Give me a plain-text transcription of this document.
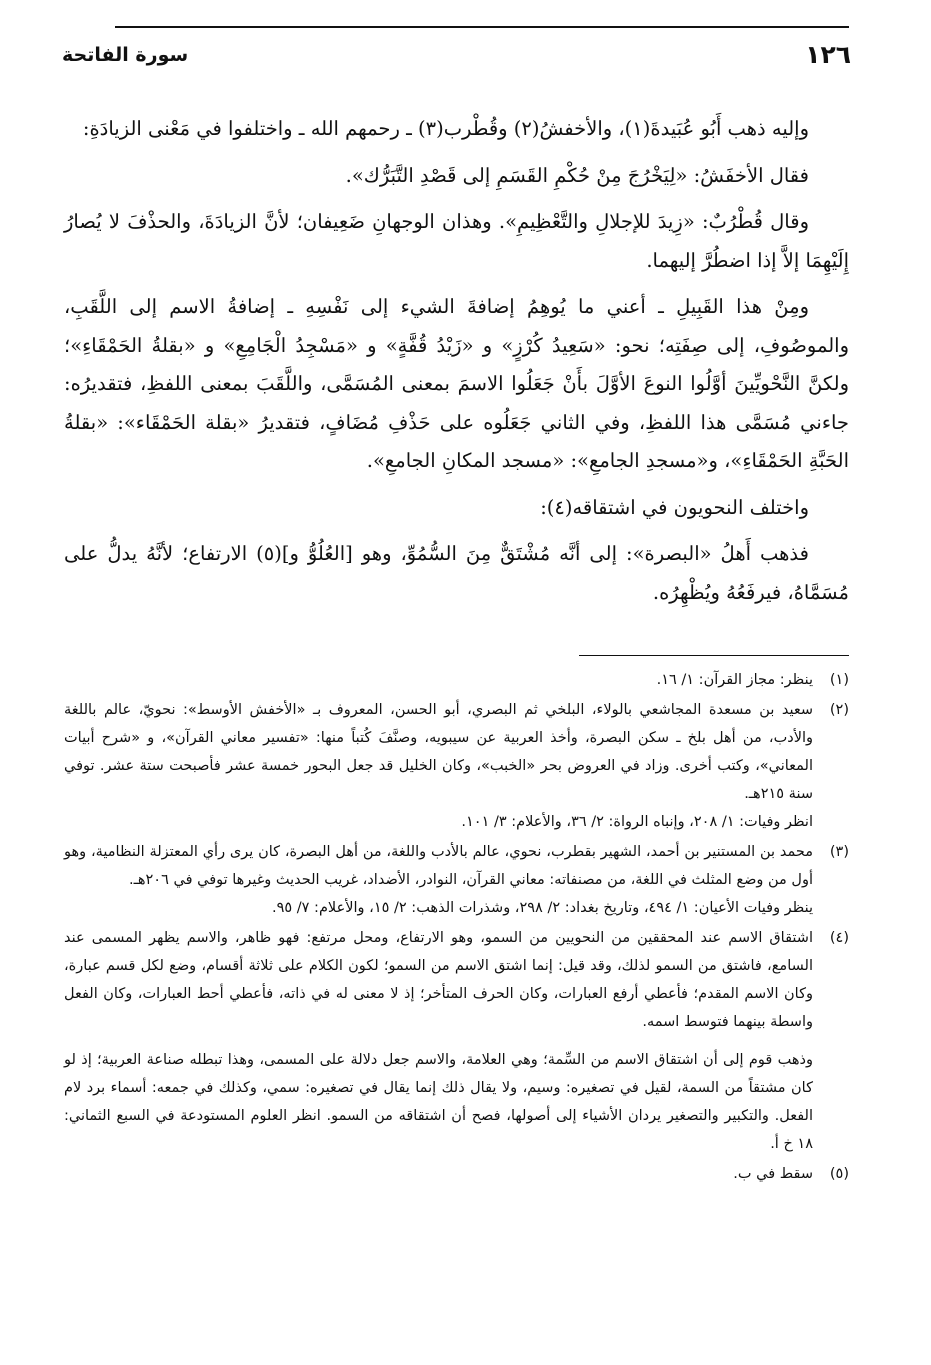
١٢٦
سورة الفاتحة

وإليه ذهب أَبُو عُبَيدةَ(١)، والأخفشُ(٢) وقُطْرب(٣) ـ رحمهم الله ـ واختلفوا في مَعْنى الزيادَةِ:

فقال الأخفَشُ: «لِيَخْرُجَ مِنْ حُكْمِ القَسَمِ إلى قَصْدِ التَّبَرُّك».

وقال قُطْرُبٌ: «زِيدَ للإجلالِ والتَّعْظِيمِ». وهذان الوجهانِ ضَعِيفان؛ لأنَّ الزيادَةَ، والحذْفَ لا يُصارُ إِلَيْهِمَا إلاَّ إذا اضطُرَّ إليهما.

ومِنْ هذا القَبِيلِ ـ أعني ما يُوهِمُ إضافةَ الشيء إلى نَفْسِهِ ـ إضافةُ الاسم إلى اللَّقَبِ، والموصُوفِ، إلى صِفَتِه؛ نحو: «سَعِيدُ كُرْزٍ» و «زَيْدُ قُفَّةٍ» و «مَسْجِدُ الْجَامِعِ» و «بقلةُ الحَمْقَاءِ»؛ ولكنَّ النَّحْويِّينَ أوَّلُوا النوعَ الأوَّلَ بأَنْ جَعَلُوا الاسمَ بمعنى المُسَمَّى، واللَّقَبَ بمعنى اللفظِ، فتقديرُه: جاءني مُسَمَّى هذا اللفظِ، وفي الثاني جَعَلُوه على حَذْفِ مُضَافٍ، فتقديرُ «بقلة الحَمْقَاء»: «بقلةُ الحَبَّةِ الحَمْقَاءِ»، و«مسجدِ الجامعِ»: «مسجد المكانِ الجامعِ».

واختلف النحويون في اشتقاقه(٤):

فذهب أَهلُ «البصرة»: إلى أنَّه مُشْتَقٌّ مِنَ السُّمُوِّ، وهو [العُلُوُّ و](٥) الارتفاع؛ لأنَّهُ يدلُّ على مُسَمَّاهُ، فيرفَعُهُ ويُظْهِرُه.

(١)
ينظر: مجاز القرآن: ١/ ١٦.
(٢)
سعيد بن مسعدة المجاشعي بالولاء، البلخي ثم البصري، أبو الحسن، المعروف بـ «الأخفش الأوسط»: نحويّ، عالم باللغة والأدب، من أهل بلخ ـ سكن البصرة، وأخذ العربية عن سيبويه، وصنَّفَ كُتباً منها: «تفسير معاني القرآن»، و «شرح أبيات المعاني»، وكتب أخرى. وزاد في العروض بحر «الخبب»، وكان الخليل قد جعل البحور خمسة عشر فأصبحت ستة عشر. توفي سنة ٢١٥هـ.
انظر وفيات: ١/ ٢٠٨، وإنباه الرواة: ٢/ ٣٦، والأعلام: ٣/ ١٠١.
(٣)
محمد بن المستنير بن أحمد، الشهير بقطرب، نحوي، عالم بالأدب واللغة، من أهل البصرة، كان يرى رأي المعتزلة النظامية، وهو أول من وضع المثلث في اللغة، من مصنفاته: معاني القرآن، النوادر، الأضداد، غريب الحديث وغيرها توفي في ٢٠٦هـ.
ينظر وفيات الأعيان: ١/ ٤٩٤، وتاريخ بغداد: ٢/ ٢٩٨، وشذرات الذهب: ٢/ ١٥، والأعلام: ٧/ ٩٥.
(٤)
اشتقاق الاسم عند المحققين من النحويين من السمو، وهو الارتفاع، ومحل مرتفع: فهو ظاهر، والاسم يظهر المسمى عند السامع، فاشتق من السمو لذلك، وقد قيل: إنما اشتق الاسم من السمو؛ لكون الكلام على ثلاثة أقسام، وضع لكل قسم عبارة، وكان الاسم المقدم؛ فأعطي أرفع العبارات، وكان الحرف المتأخر؛ إذ لا معنى له في ذاته، فأعطي أحط العبارات، وكان الفعل واسطة بينهما فتوسط اسمه.
وذهب قوم إلى أن اشتقاق الاسم من السِّمة؛ وهي العلامة، والاسم جعل دلالة على المسمى، وهذا تبطله صناعة العربية؛ إذ لو كان مشتقاً من السمة، لقيل في تصغيره: وسيم، ولا يقال ذلك إنما يقال في تصغيره: سمي، وكذلك في جمعه: أسماء برد لام الفعل. والتكبير والتصغير يردان الأشياء إلى أصولها، فصح أن اشتقاقه من السمو. انظر العلوم المستودعة في السبع الثماني: ١٨ خ أ.
(٥)
سقط في ب.
